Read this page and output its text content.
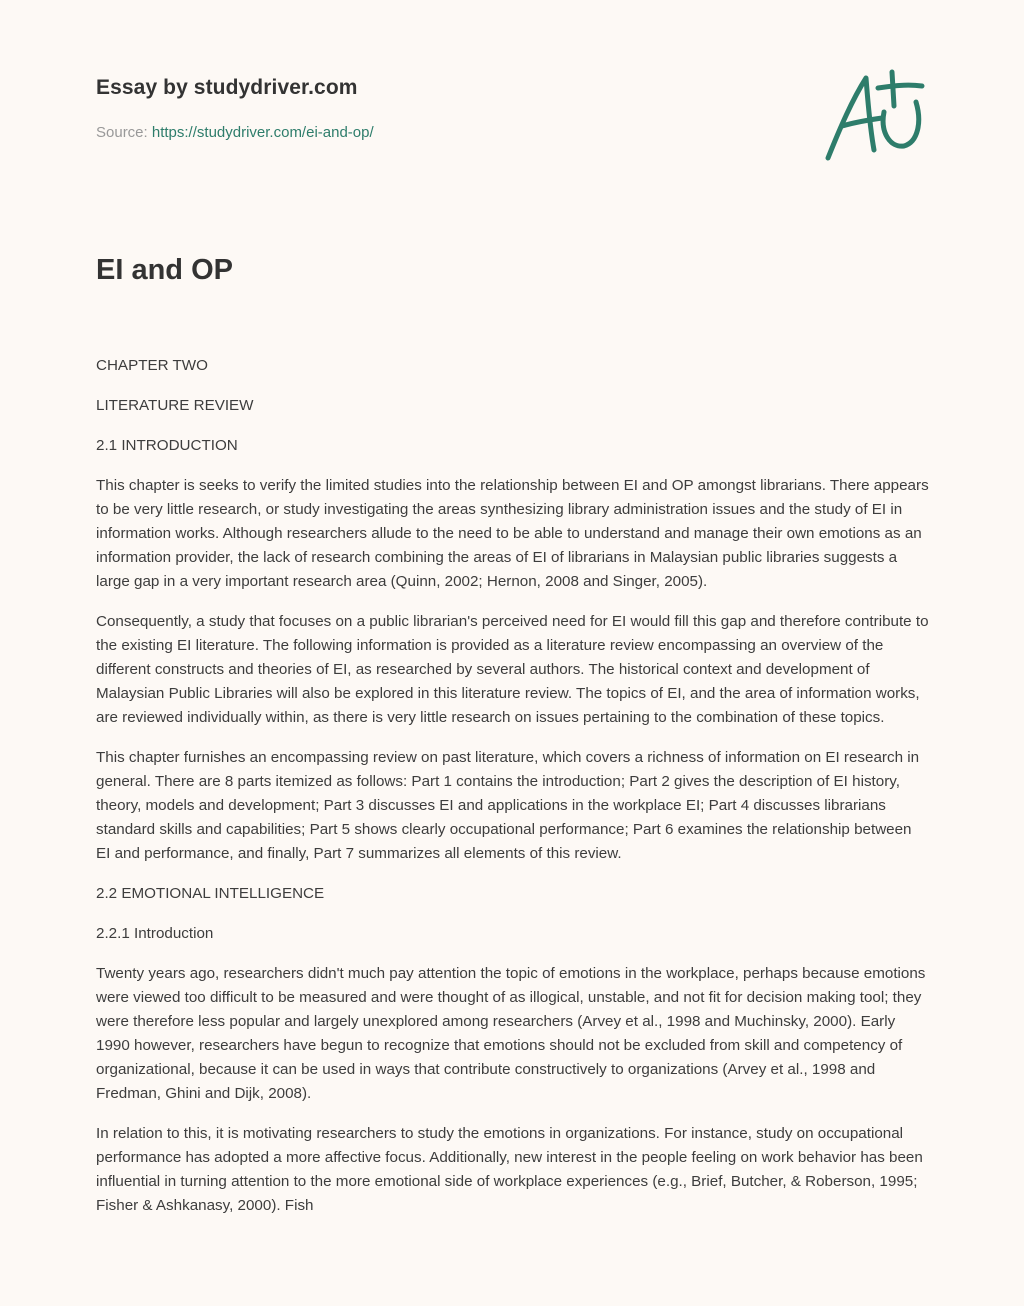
Essay by studydriver.com
Source: https://studydriver.com/ei-and-op/
EI and OP

CHAPTER TWO

LITERATURE REVIEW

2.1 INTRODUCTION

This chapter is seeks to verify the limited studies into the relationship between EI and OP amongst librarians. There appears to be very little research, or study investigating the areas synthesizing library administration issues and the study of EI in information works. Although researchers allude to the need to be able to understand and manage their own emotions as an information provider, the lack of research combining the areas of EI of librarians in Malaysian public libraries suggests a large gap in a very important research area (Quinn, 2002; Hernon, 2008 and Singer, 2005).

Consequently, a study that focuses on a public librarian's perceived need for EI would fill this gap and therefore contribute to the existing EI literature. The following information is provided as a literature review encompassing an overview of the different constructs and theories of EI, as researched by several authors. The historical context and development of Malaysian Public Libraries will also be explored in this literature review. The topics of EI, and the area of information works, are reviewed individually within, as there is very little research on issues pertaining to the combination of these topics.

This chapter furnishes an encompassing review on past literature, which covers a richness of information on EI research in general. There are 8 parts itemized as follows: Part 1 contains the introduction; Part 2 gives the description of EI history, theory, models and development; Part 3 discusses EI and applications in the workplace EI; Part 4 discusses librarians standard skills and capabilities; Part 5 shows clearly occupational performance; Part 6 examines the relationship between EI and performance, and finally, Part 7 summarizes all elements of this review.

2.2 EMOTIONAL INTELLIGENCE

2.2.1 Introduction

Twenty years ago, researchers didn't much pay attention the topic of emotions in the workplace, perhaps because emotions were viewed too difficult to be measured and were thought of as illogical, unstable, and not fit for decision making tool; they were therefore less popular and largely unexplored among researchers (Arvey et al., 1998 and Muchinsky, 2000). Early 1990 however, researchers have begun to recognize that emotions should not be excluded from skill and competency of organizational, because it can be used in ways that contribute constructively to organizations (Arvey et al., 1998 and Fredman, Ghini and Dijk, 2008).

In relation to this, it is motivating researchers to study the emotions in organizations. For instance, study on occupational performance has adopted a more affective focus. Additionally, new interest in the people feeling on work behavior has been influential in turning attention to the more emotional side of workplace experiences (e.g., Brief, Butcher, & Roberson, 1995; Fisher & Ashkanasy, 2000). Fish
